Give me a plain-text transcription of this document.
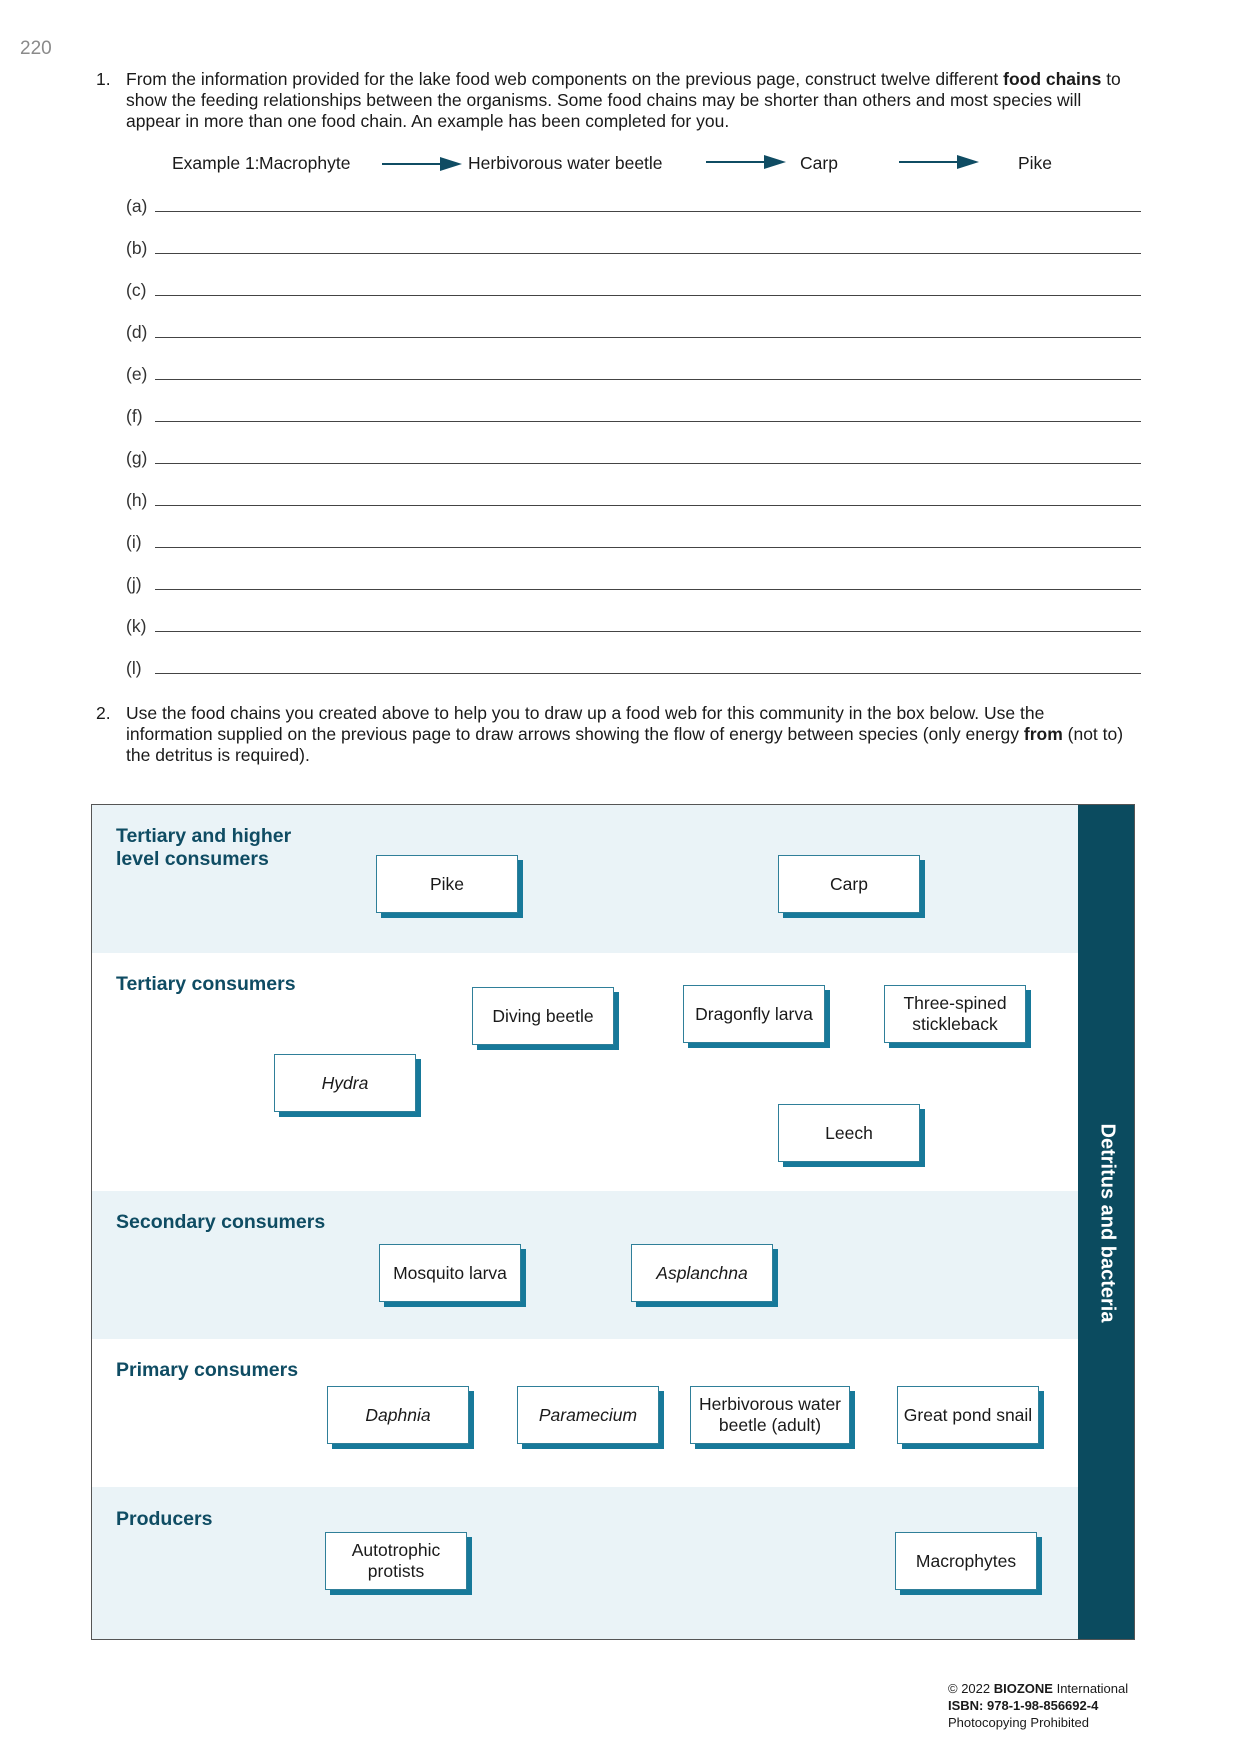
220
1. From the information provided for the lake food web components on the previous page, construct twelve different food chains to show the feeding relationships between the organisms. Some food chains may be shorter than others and most species will appear in more than one food chain. An example has been completed for you.
Example 1: Macrophyte	Herbivorous water beetle	Carp	Pike
(a)
(b)
(c)
(d)
(e)
(f)
(g)
(h)
(i)
(j)
(k)
(l)
2. Use the food chains you created above to help you to draw up a food web for this community in the box below. Use the information supplied on the previous page to draw arrows showing the flow of energy between species (only energy from (not to) the detritus is required).
Tertiary and higher level consumers
Tertiary consumers
Secondary consumers
Primary consumers
Producers
Pike	Carp
Diving beetle	Dragonfly larva
Three-spined stickleback
Hydra
Leech
Mosquito larva	Asplanchna
Daphnia	Paramecium
Herbivorous water beetle (adult)
Great pond snail
Autotrophic protists
Macrophytes
Detritus and bacteria
© 2022 BIOZONE International
ISBN: 978-1-98-856692-4
Photocopying Prohibited
